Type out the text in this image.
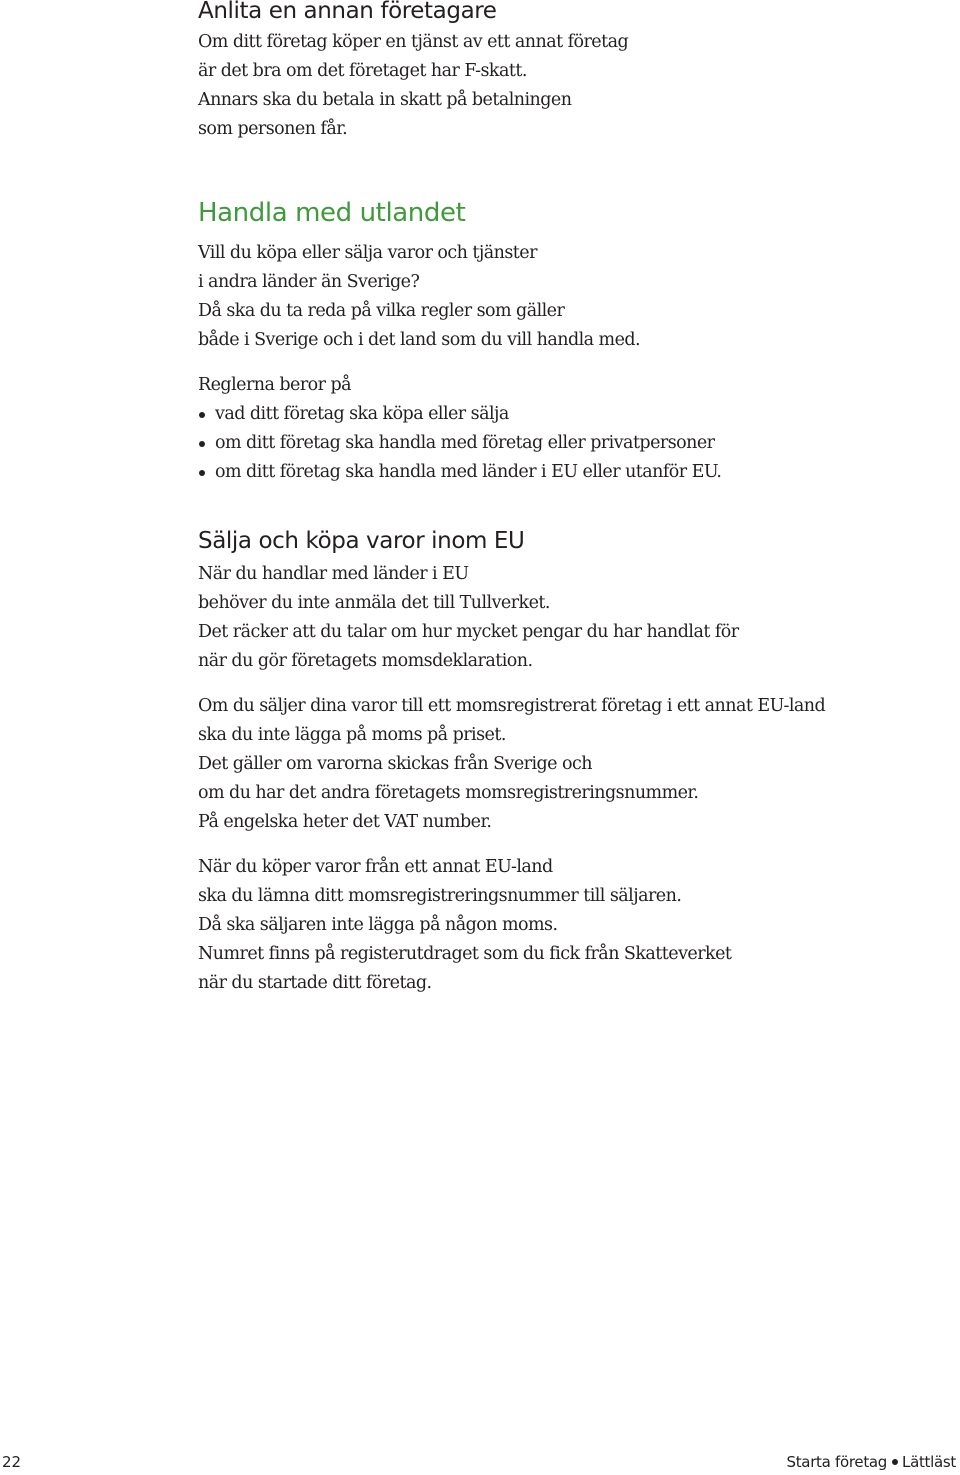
Anlita en annan företagare

Om ditt företag köper en tjänst av ett annat företag
är det bra om det företaget har F-skatt.
Annars ska du betala in skatt på betalningen
som personen får.

Handla med utlandet

Vill du köpa eller sälja varor och tjänster
i andra länder än Sverige?
Då ska du ta reda på vilka regler som gäller
både i Sverige och i det land som du vill handla med.

Reglerna beror på

vad ditt företag ska köpa eller sälja
om ditt företag ska handla med företag eller privatpersoner
om ditt företag ska handla med länder i EU eller utanför EU.
Sälja och köpa varor inom EU

När du handlar med länder i EU
behöver du inte anmäla det till Tullverket.
Det räcker att du talar om hur mycket pengar du har handlat för
när du gör företagets momsdeklaration.

Om du säljer dina varor till ett momsregistrerat företag i ett annat EU-land
ska du inte lägga på moms på priset.
Det gäller om varorna skickas från Sverige och
om du har det andra företagets momsregistreringsnummer.
På engelska heter det VAT number.

När du köper varor från ett annat EU-land
ska du lämna ditt momsregistreringsnummer till säljaren.
Då ska säljaren inte lägga på någon moms.
Numret finns på registerutdraget som du fick från Skatteverket
när du startade ditt företag.

22	Starta företag Lättläst
